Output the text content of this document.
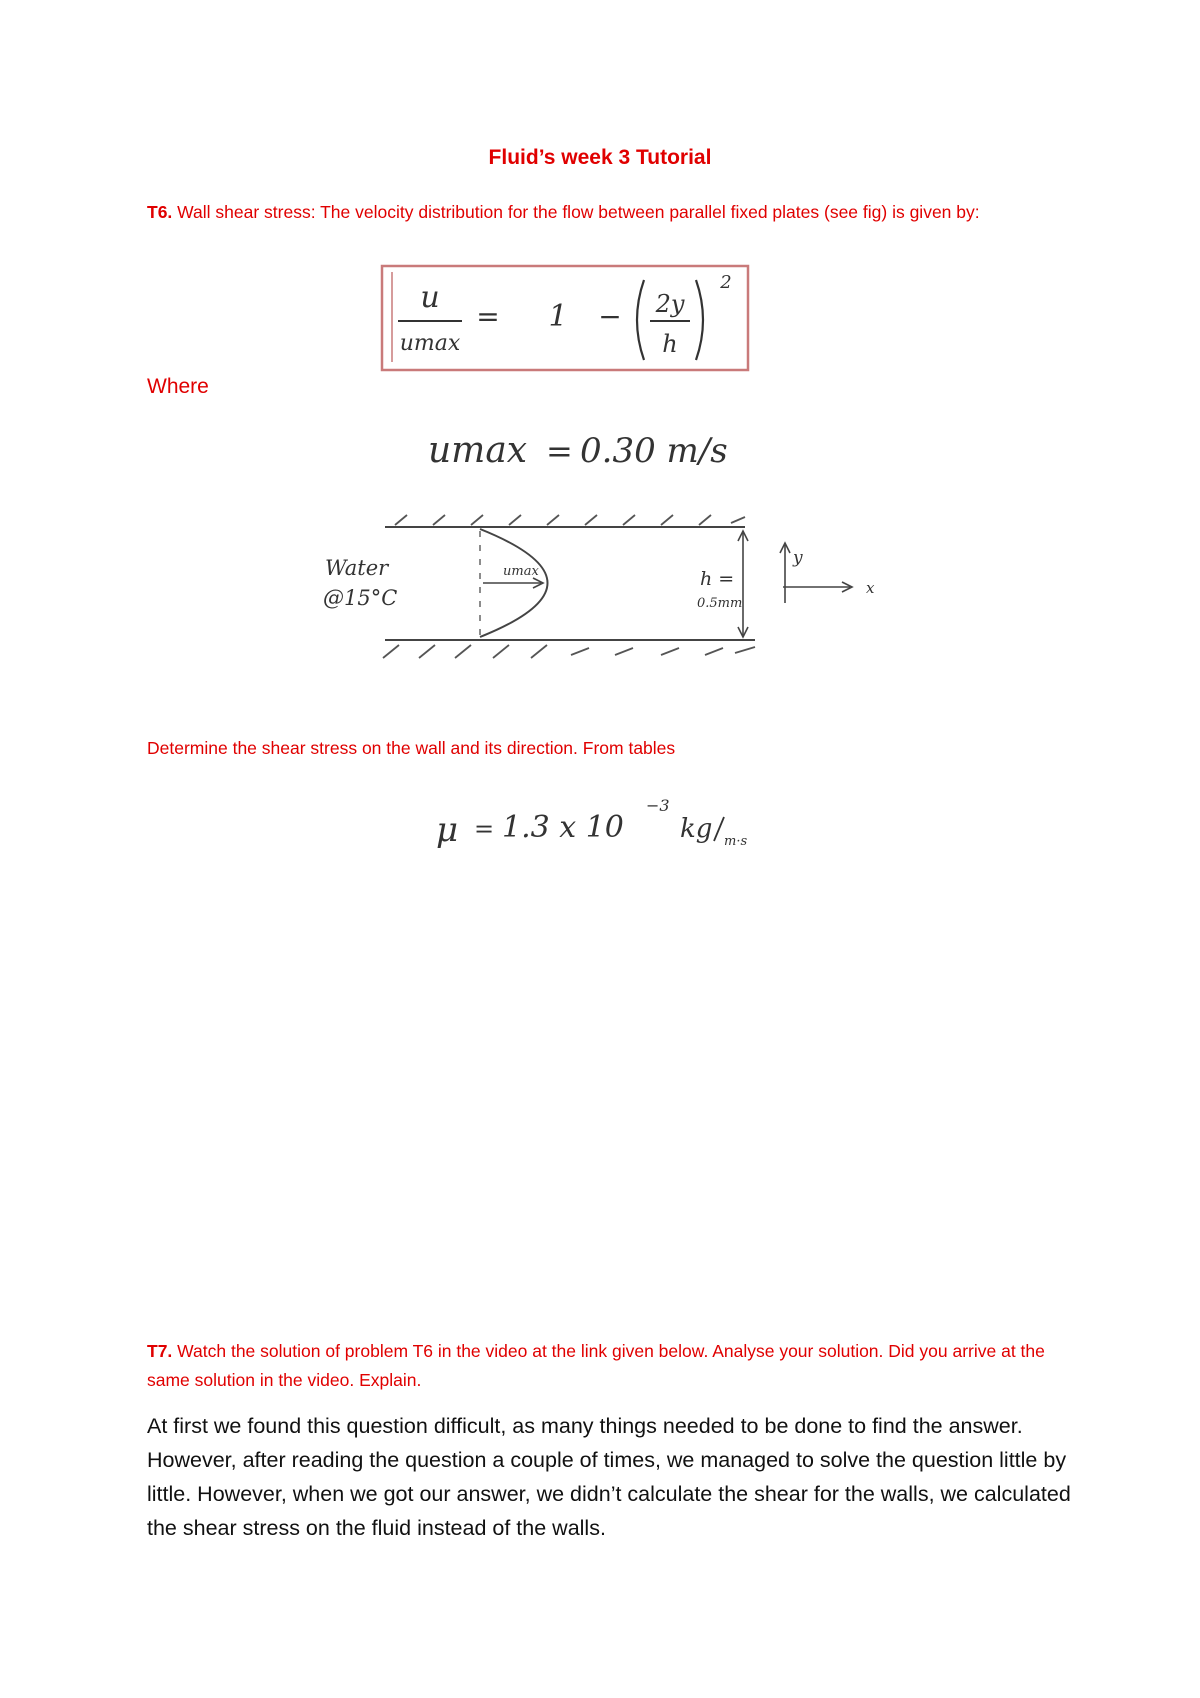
Fluid’s week 3 Tutorial
T6. Wall shear stress: The velocity distribution for the flow between parallel fixed plates (see fig) is given by:
u
umax
= 1 − 2y
h
2
Where
umax = 0.30 m/s
umax
Water
@15°C
h =
0.5mm
y
x
Determine the shear stress on the wall and its direction. From tables
μ = 1.3 x 10
−3
kg m·s
T7. Watch the solution of problem T6 in the video at the link given below. Analyse your solution. Did you arrive at the same solution in the video. Explain.
At first we found this question difficult, as many things needed to be done to find the answer. However, after reading the question a couple of times, we managed to solve the question little by little. However, when we got our answer, we didn’t calculate the shear for the walls, we calculated the shear stress on the fluid instead of the walls.
